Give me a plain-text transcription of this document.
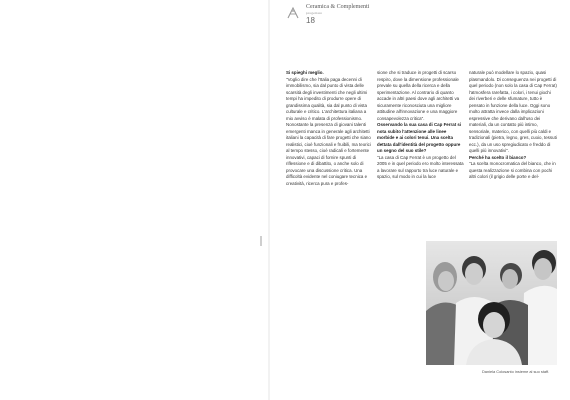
Ceramica & Complementi
progettare
18

Si spieghi meglio.

"Voglio dire che l'Italia paga decenni di immobilismo, sia dal punto di vista delle scarsità degli investimenti che negli ultimi tempi ha impedito di produrre opere di grandissima qualità, sia dal punto di vista culturale e critico. L'architettura italiana a mio avviso è malata di professionismo. Nonostante la presenza di giovani talenti emergenti manca in generale agli architetti italiani la capacità di fare progetti che siano realistici, cioè funzionali e fruibili, ma teorici al tempo stesso, cioè radicali e fortemente innovativi, capaci di fornire spunti di riflessione e di dibattito, o anche solo di provocare una discussione critica. Una difficoltà evidente nel coniugare tecnica e creatività, ricerca pura e profes-

sione che si traduce in progetti di scarso respiro, dove la dimensione professionale prevale su quella della ricerca e della sperimentazione. Al contrario di quanto accade in altri paesi dove agli architetti va sicuramente riconosciuta una migliore attitudine all'innovazione e una maggiore consapevolezza critica".

Osservando la sua casa di Cap Ferrat si nota subito l'attenzione alle linee morbide e ai colori tenui. Una scelta dettata dall'identità del progetto oppure un segno del suo stile?

"La casa di Cap Ferrat è un progetto del 2005 e in quel periodo ero molto interessata a lavorare sul rapporto tra luce naturale e spazio, sul modo in cui la luce

naturale può modellare lo spazio, quasi plasmandolo. Di conseguenza nei progetti di quel periodo (non solo la casa di Cap Ferrat) l'atmosfera rarefatta, i colori, i tenui giochi dei riverberi e delle sfumature, tutto è pensato in funzione della luce. Oggi sono molto attratta invece dalla implicazioni espressive che derivano dall'uso dei materiali, da un contatto più intimo, sensoriale, materico, con quelli più caldi e tradizionali (pietra, legno, gres, cuoio, tessuti ecc.), da un uso spregiudicato e freddo di quelli più innovativi".

Perché ha scelto il bianco?

"La scelta monocromatica del bianco, che in questa realizzazione si combina con pochi altri colori (il grigio delle porte e del-

Daniela Colosanto insieme al suo staff.
